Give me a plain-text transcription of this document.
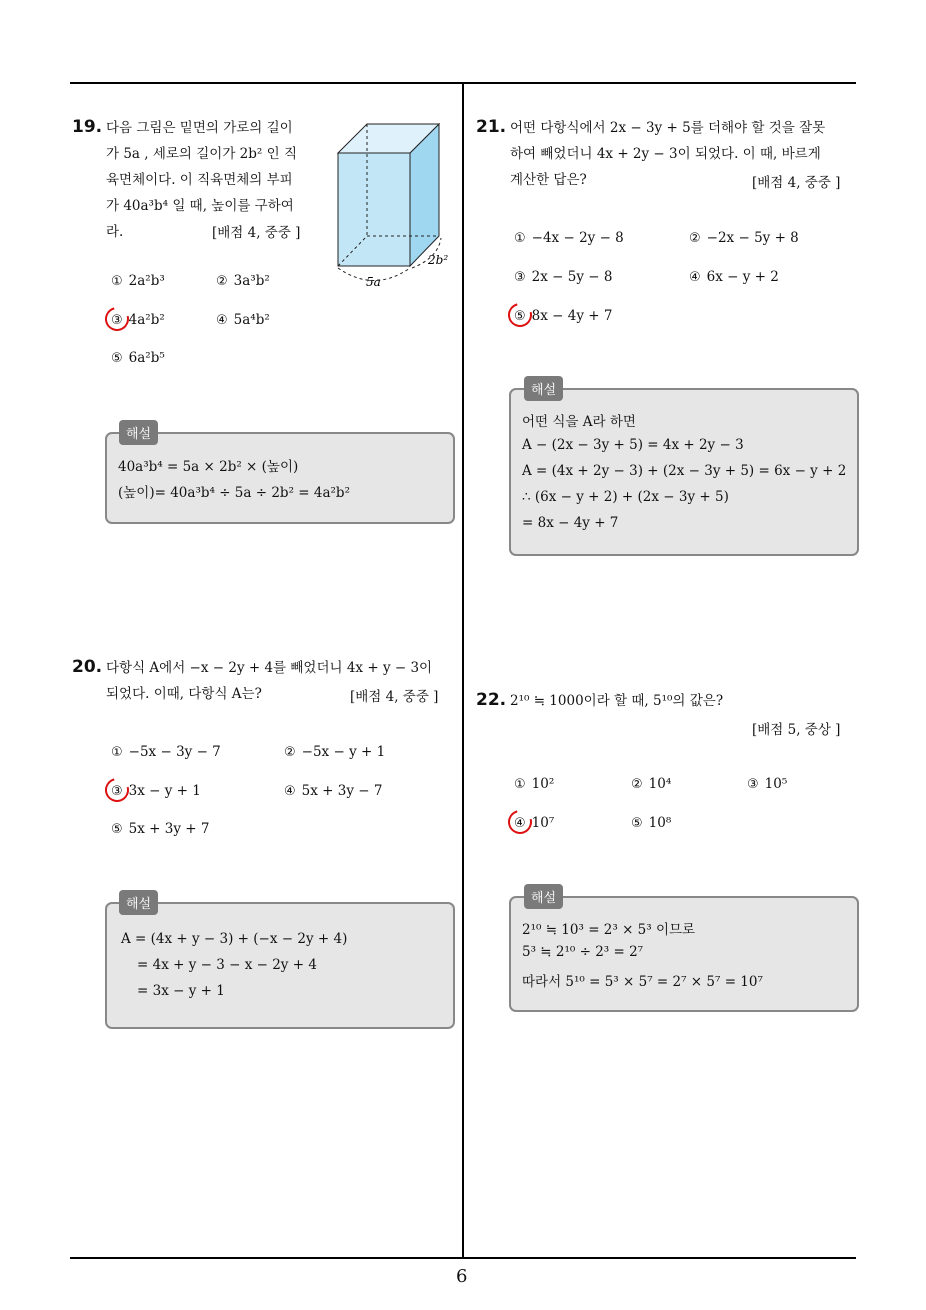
6
19. 다음 그림은 밑면의 가로의 길이
가 5a , 세로의 길이가 2b² 인 직
육면체이다. 이 직육면체의 부피
가 40a³b⁴ 일 때, 높이를 구하여
라.	[배점 4, 중중 ]
5a
2b²
① 2a²b³	② 3a³b²
③ 4a²b²	④ 5a⁴b²
⑤ 6a²b⁵
해설
40a³b⁴ = 5a × 2b² × (높이)
(높이)= 40a³b⁴ ÷ 5a ÷ 2b² = 4a²b²
20. 다항식 A에서 −x − 2y + 4를 빼었더니 4x + y − 3이
되었다. 이때, 다항식 A는?	[배점 4, 중중 ]
① −5x − 3y − 7	② −5x − y + 1
③ 3x − y + 1	④ 5x + 3y − 7
⑤ 5x + 3y + 7
해설
A = (4x + y − 3) + (−x − 2y + 4)
= 4x + y − 3 − x − 2y + 4
= 3x − y + 1
21. 어떤 다항식에서 2x − 3y + 5를 더해야 할 것을 잘못
하여 빼었더니 4x + 2y − 3이 되었다. 이 때, 바르게
계산한 답은?	[배점 4, 중중 ]
① −4x − 2y − 8	② −2x − 5y + 8
③ 2x − 5y − 8	④ 6x − y + 2
⑤ 8x − 4y + 7
해설
어떤 식을 A라 하면
A − (2x − 3y + 5) = 4x + 2y − 3
A = (4x + 2y − 3) + (2x − 3y + 5) = 6x − y + 2
∴ (6x − y + 2) + (2x − 3y + 5)
= 8x − 4y + 7
22. 2¹⁰ ≒ 1000이라 할 때, 5¹⁰의 값은?
[배점 5, 중상 ]
① 10²	② 10⁴	③ 10⁵
④ 10⁷	⑤ 10⁸
해설
2¹⁰ ≒ 10³ = 2³ × 5³ 이므로
5³ ≒ 2¹⁰ ÷ 2³ = 2⁷
따라서 5¹⁰ = 5³ × 5⁷ = 2⁷ × 5⁷ = 10⁷
